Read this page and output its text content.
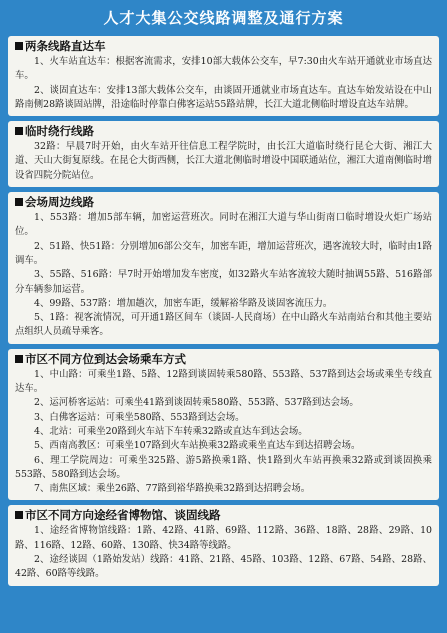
人才大集公交线路调整及通行方案
两条线路直达车
1、火车站直达车：根据客流需求，安排10部大载体公交车，早7:30由火车站开通就业市场直达车。
2、谈固直达车：安排13部大载体公交车，由谈固开通就业市场直达车。直达车始发站设在中山路南侧28路谈固站牌，沿途临时停靠白佛客运站55路站牌，长江大道北侧临时增设直达车站牌。
临时绕行线路
32路：早晨7时开始，由火车站开往信息工程学院时，由长江大道临时绕行昆仑大街、湘江大道、天山大街复原线。在昆仑大街西侧，长江大道北侧临时增设中国联通站位，湘江大道南侧临时增设省四院分院站位。
会场周边线路
1、553路：增加5部车辆，加密运营班次。同时在湘江大道与华山街南口临时增设火炬广场站位。
2、51路、快51路：分别增加6部公交车，加密车距，增加运营班次，遇客流较大时，临时由1路调车。
3、55路、516路：早7时开始增加发车密度，如32路火车站客流较大随时抽调55路、516路部分车辆参加运营。
4、99路、537路：增加趟次，加密车距，缓解裕华路及谈固客流压力。
5、1路：视客流情况，可开通1路区间车（谈固-人民商场）在中山路火车站南站台和其他主要站点组织人员疏导乘客。
市区不同方位到达会场乘车方式
1、中山路：可乘坐1路、5路、12路到谈固转乘580路、553路、537路到达会场或乘坐专线直达车。
2、运河桥客运站：可乘坐41路到谈固转乘580路、553路、537路到达会场。
3、白佛客运站：可乘坐580路、553路到达会场。
4、北站：可乘坐20路到火车站下车转乘32路或直达车到达会场。
5、西南高教区：可乘坐107路到火车站换乘32路或乘坐直达车到达招聘会场。
6、理工学院周边：可乘坐325路、游5路换乘1路、快1路到火车站再换乘32路或到谈固换乘553路、580路到达会场。
7、南焦区域：乘坐26路、77路到裕华路换乘32路到达招聘会场。
市区不同方向途经省博物馆、谈固线路
1、途经省博物馆线路：1路、42路、41路、69路、112路、36路、18路、28路、29路、10路、116路、12路、60路、130路、快34路等线路。
2、途经谈固（1路始发站）线路：41路、21路、45路、103路、12路、67路、54路、28路、42路、60路等线路。
